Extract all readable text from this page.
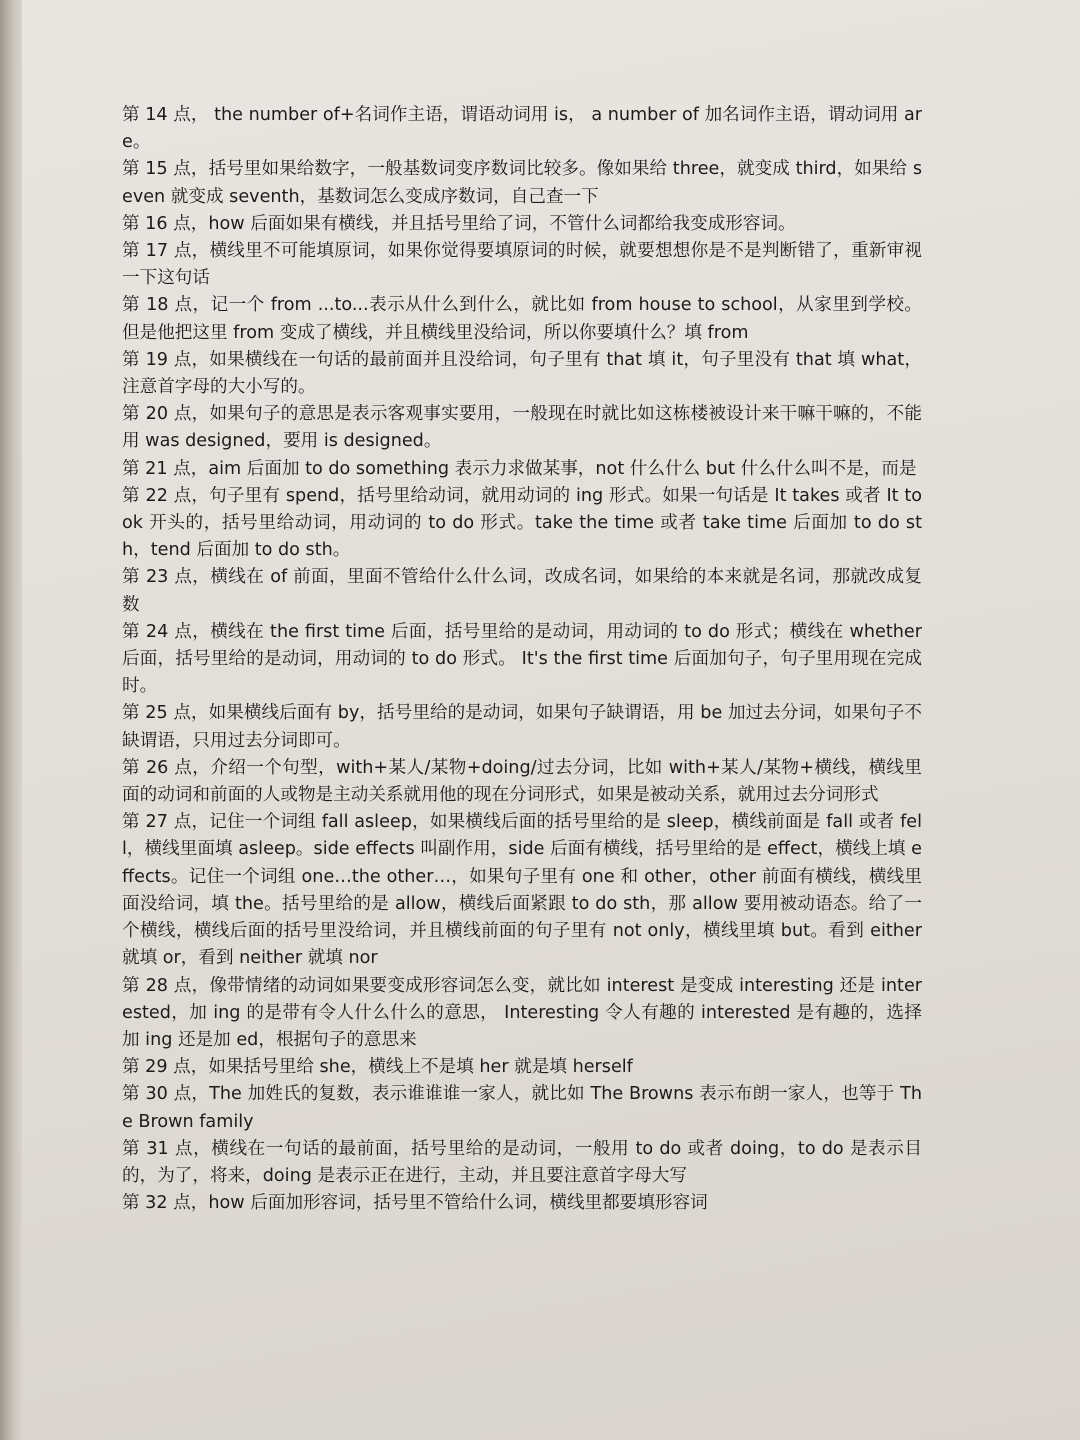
第 14 点， the number of+名词作主语，谓语动词用 is， a number of 加名词作主语，谓动词用 are。

第 15 点，括号里如果给数字，一般基数词变序数词比较多。像如果给 three，就变成 third，如果给 seven 就变成 seventh，基数词怎么变成序数词，自己查一下

第 16 点，how 后面如果有横线，并且括号里给了词，不管什么词都给我变成形容词。

第 17 点，横线里不可能填原词，如果你觉得要填原词的时候，就要想想你是不是判断错了，重新审视一下这句话

第 18 点，记一个 from ...to...表示从什么到什么，就比如 from house to school，从家里到学校。但是他把这里 from 变成了横线，并且横线里没给词，所以你要填什么？填 from

第 19 点，如果横线在一句话的最前面并且没给词，句子里有 that 填 it，句子里没有 that 填 what，注意首字母的大小写的。

第 20 点，如果句子的意思是表示客观事实要用，一般现在时就比如这栋楼被设计来干嘛干嘛的，不能用 was designed，要用 is designed。

第 21 点，aim 后面加 to do something 表示力求做某事，not 什么什么 but 什么什么叫不是，而是

第 22 点，句子里有 spend，括号里给动词，就用动词的 ing 形式。如果一句话是 It takes 或者 It took 开头的，括号里给动词，用动词的 to do 形式。take the time 或者 take time 后面加 to do sth，tend 后面加 to do sth。

第 23 点，横线在 of 前面，里面不管给什么什么词，改成名词，如果给的本来就是名词，那就改成复数

第 24 点，横线在 the first time 后面，括号里给的是动词，用动词的 to do 形式；横线在 whether 后面，括号里给的是动词，用动词的 to do 形式。 It's the first time 后面加句子，句子里用现在完成时。

第 25 点，如果横线后面有 by，括号里给的是动词，如果句子缺谓语，用 be 加过去分词，如果句子不缺谓语，只用过去分词即可。

第 26 点，介绍一个句型，with+某人/某物+doing/过去分词，比如 with+某人/某物+横线，横线里面的动词和前面的人或物是主动关系就用他的现在分词形式，如果是被动关系，就用过去分词形式

第 27 点，记住一个词组 fall asleep，如果横线后面的括号里给的是 sleep，横线前面是 fall 或者 fell，横线里面填 asleep。side effects 叫副作用，side 后面有横线，括号里给的是 effect，横线上填 effects。记住一个词组 one…the other…，如果句子里有 one 和 other，other 前面有横线，横线里面没给词，填 the。括号里给的是 allow，横线后面紧跟 to do sth，那 allow 要用被动语态。给了一个横线，横线后面的括号里没给词，并且横线前面的句子里有 not only，横线里填 but。看到 either 就填 or，看到 neither 就填 nor

第 28 点，像带情绪的动词如果要变成形容词怎么变，就比如 interest 是变成 interesting 还是 interested，加 ing 的是带有令人什么什么的意思， Interesting 令人有趣的 interested 是有趣的，选择加 ing 还是加 ed，根据句子的意思来

第 29 点，如果括号里给 she，横线上不是填 her 就是填 herself

第 30 点，The 加姓氏的复数，表示谁谁谁一家人，就比如 The Browns 表示布朗一家人，也等于 The Brown family

第 31 点，横线在一句话的最前面，括号里给的是动词，一般用 to do 或者 doing，to do 是表示目的，为了，将来，doing 是表示正在进行，主动，并且要注意首字母大写

第 32 点，how 后面加形容词，括号里不管给什么词，横线里都要填形容词
